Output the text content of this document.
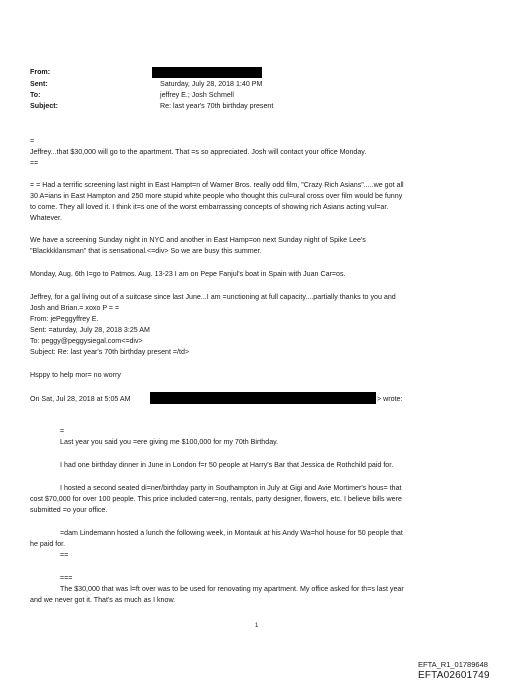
From:
Sent:
To:
Subject:
Saturday, July 28, 2018 1:40 PM
jeffrey E.; Josh Schmell
Re: last year's 70th birthday present
=
Jeffrey...that $30,000 will go to the apartment. That =s so appreciated. Josh will contact your office Monday.
==
= = Had a terrific screening last night in East Hampt=n of Warner Bros. really odd film, "Crazy Rich Asians".....we got all
30 A=ians in East Hampton and 250 more stupid white people who thought this cul=ural cross over film would be funny
to come. They all loved it. I think it=s one of the worst embarrassing concepts of showing rich Asians acting vul=ar.
Whatever.
We have a screening Sunday night in NYC and another in East Hamp=on next Sunday night of Spike Lee's
"Blackkklansman" that is sensational.<=div> So we are busy this summer.
Monday, Aug. 6th I=go to Patmos. Aug. 13-23 I am on Pepe Fanjul's boat in Spain with Juan Car=os.
Jeffrey, for a gal living out of a suitcase since last June...I am =unctioning at full capacity....partially thanks to you and
Josh and Brian.= xoxo P = =
From: jePeggyffrey E.
Sent: =aturday, July 28, 2018 3:25 AM
To: peggy@peggysiegal.com<=div>
Subject: Re: last year's 70th birthday present =/td>
Hsppy to help mor= no worry
On Sat, Jul 28, 2018 at 5:05 AM	> wrote:
=
Last year you said you =ere giving me $100,000 for my 70th Birthday.
I had one birthday dinner in June in London f=r 50 people at Harry's Bar that Jessica de Rothchild paid for.
I hosted a second seated di=ner/birthday party in Southampton in July at Gigi and Avie Mortimer's hous= that
cost $70,000 for over 100 people. This price included cater=ng, rentals, party designer, flowers, etc. I believe bills were
submitted =o your office.
=dam Lindemann hosted a lunch the following week, in Montauk at his Andy Wa=hol house for 50 people that
he paid for.
==
===
The $30,000 that was l=ft over was to be used for renovating my apartment. My office asked for th=s last year
and we never got it. That's as much as I know.
1
EFTA_R1_01789648
EFTA02601749
